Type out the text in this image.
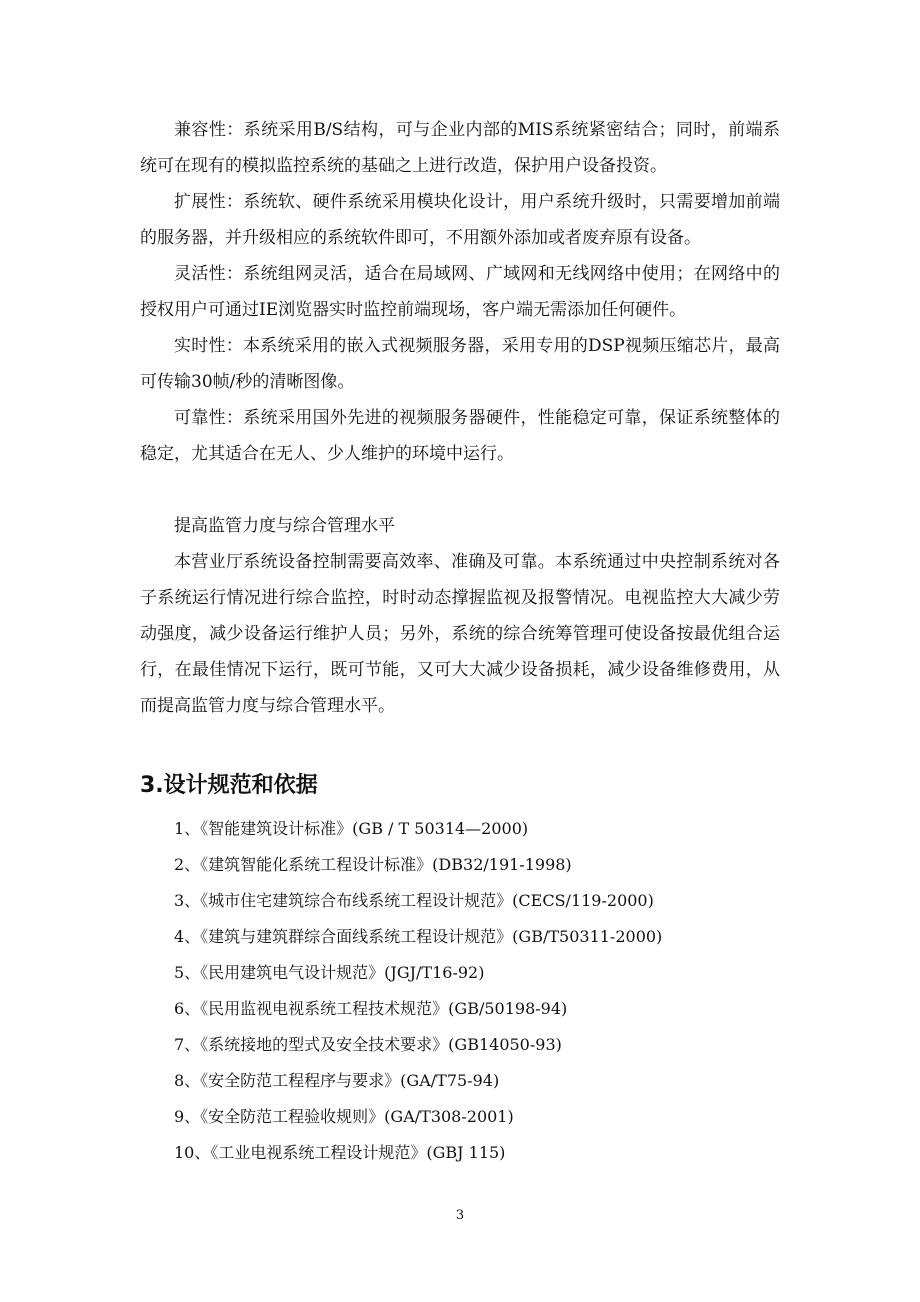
兼容性：系统采用B/S结构，可与企业内部的MIS系统紧密结合；同时，前端系统可在现有的模拟监控系统的基础之上进行改造，保护用户设备投资。

扩展性：系统软、硬件系统采用模块化设计，用户系统升级时，只需要增加前端的服务器，并升级相应的系统软件即可，不用额外添加或者废弃原有设备。

灵活性：系统组网灵活，适合在局域网、广域网和无线网络中使用；在网络中的授权用户可通过IE浏览器实时监控前端现场，客户端无需添加任何硬件。

实时性：本系统采用的嵌入式视频服务器，采用专用的DSP视频压缩芯片，最高可传输30帧/秒的清晰图像。

可靠性：系统采用国外先进的视频服务器硬件，性能稳定可靠，保证系统整体的稳定，尤其适合在无人、少人维护的环境中运行。

提高监管力度与综合管理水平

本营业厅系统设备控制需要高效率、准确及可靠。本系统通过中央控制系统对各子系统运行情况进行综合监控，时时动态撑握监视及报警情况。电视监控大大减少劳动强度，减少设备运行维护人员；另外，系统的综合统筹管理可使设备按最优组合运行，在最佳情况下运行，既可节能，又可大大减少设备损耗，减少设备维修费用，从而提高监管力度与综合管理水平。

3.设计规范和依据
1、《智能建筑设计标准》(GB / T 50314—2000)
2、《建筑智能化系统工程设计标准》(DB32/191-1998)
3、《城市住宅建筑综合布线系统工程设计规范》(CECS/119-2000)
4、《建筑与建筑群综合面线系统工程设计规范》(GB/T50311-2000)
5、《民用建筑电气设计规范》(JGJ/T16-92)
6、《民用监视电视系统工程技术规范》(GB/50198-94)
7、《系统接地的型式及安全技术要求》(GB14050-93)
8、《安全防范工程程序与要求》(GA/T75-94)
9、《安全防范工程验收规则》(GA/T308-2001)
10、《工业电视系统工程设计规范》(GBJ 115)
3
